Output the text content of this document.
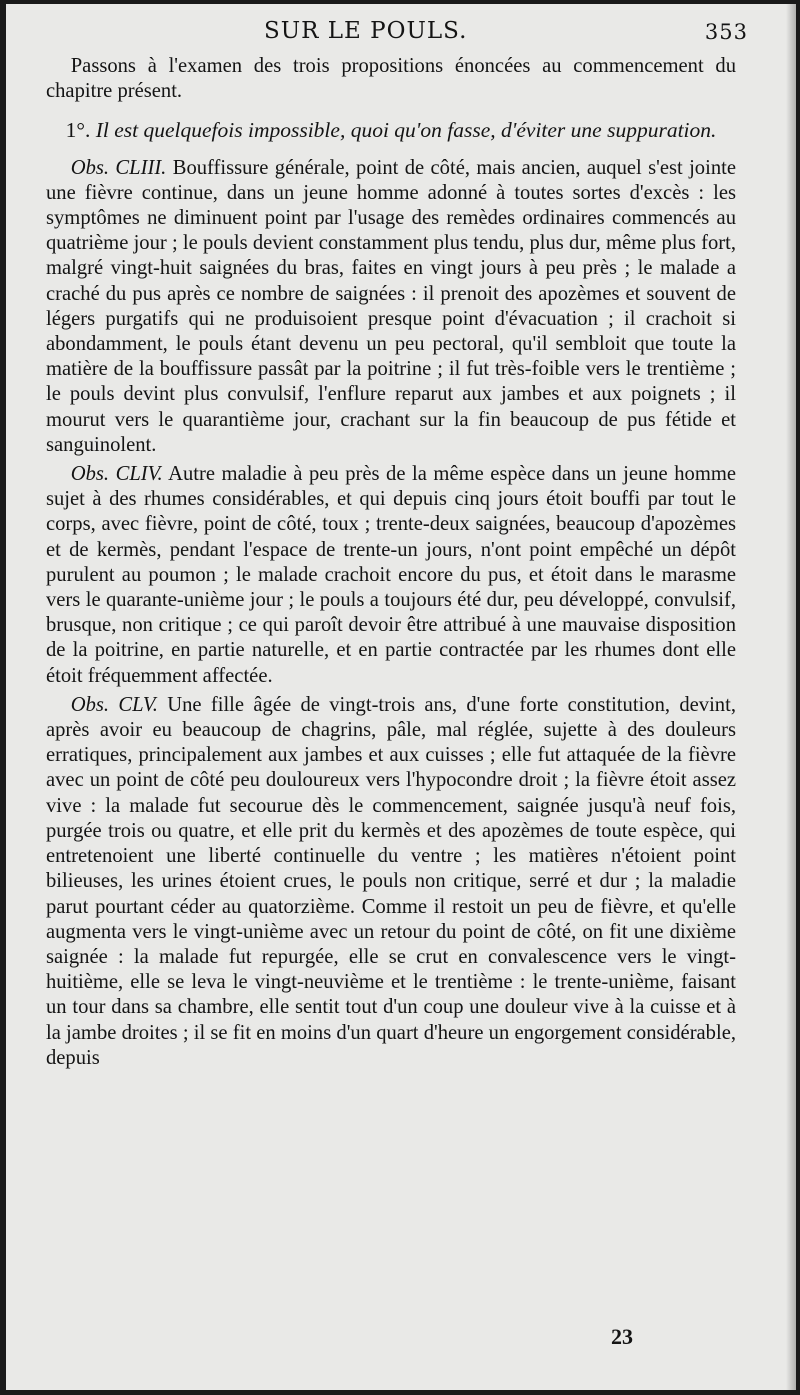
SUR LE POULS.	353

Passons à l'examen des trois propositions énoncées au commencement du chapitre présent.

1°. Il est quelquefois impossible, quoi qu'on fasse, d'éviter une suppuration.

Obs. CLIII. Bouffissure générale, point de côté, mais ancien, auquel s'est jointe une fièvre continue, dans un jeune homme adonné à toutes sortes d'excès : les symptômes ne diminuent point par l'usage des remèdes ordinaires commencés au quatrième jour ; le pouls devient constamment plus tendu, plus dur, même plus fort, malgré vingt-huit saignées du bras, faites en vingt jours à peu près ; le malade a craché du pus après ce nombre de saignées : il prenoit des apozèmes et souvent de légers purgatifs qui ne produisoient presque point d'évacuation ; il crachoit si abondamment, le pouls étant devenu un peu pectoral, qu'il sembloit que toute la matière de la bouffissure passât par la poitrine ; il fut très-foible vers le trentième ; le pouls devint plus convulsif, l'enflure reparut aux jambes et aux poignets ; il mourut vers le quarantième jour, crachant sur la fin beaucoup de pus fétide et sanguinolent.

Obs. CLIV. Autre maladie à peu près de la même espèce dans un jeune homme sujet à des rhumes considérables, et qui depuis cinq jours étoit bouffi par tout le corps, avec fièvre, point de côté, toux ; trente-deux saignées, beaucoup d'apozèmes et de kermès, pendant l'espace de trente-un jours, n'ont point empêché un dépôt purulent au poumon ; le malade crachoit encore du pus, et étoit dans le marasme vers le quarante-unième jour ; le pouls a toujours été dur, peu développé, convulsif, brusque, non critique ; ce qui paroît devoir être attribué à une mauvaise disposition de la poitrine, en partie naturelle, et en partie contractée par les rhumes dont elle étoit fréquemment affectée.

Obs. CLV. Une fille âgée de vingt-trois ans, d'une forte constitution, devint, après avoir eu beaucoup de chagrins, pâle, mal réglée, sujette à des douleurs erratiques, principalement aux jambes et aux cuisses ; elle fut attaquée de la fièvre avec un point de côté peu douloureux vers l'hypocondre droit ; la fièvre étoit assez vive : la malade fut secourue dès le commencement, saignée jusqu'à neuf fois, purgée trois ou quatre, et elle prit du kermès et des apozèmes de toute espèce, qui entretenoient une liberté continuelle du ventre ; les matières n'étoient point bilieuses, les urines étoient crues, le pouls non critique, serré et dur ; la maladie parut pourtant céder au quatorzième. Comme il restoit un peu de fièvre, et qu'elle augmenta vers le vingt-unième avec un retour du point de côté, on fit une dixième saignée : la malade fut repurgée, elle se crut en convalescence vers le vingt-huitième, elle se leva le vingt-neuvième et le trentième : le trente-unième, faisant un tour dans sa chambre, elle sentit tout d'un coup une douleur vive à la cuisse et à la jambe droites ; il se fit en moins d'un quart d'heure un engorgement considérable, depuis

23
